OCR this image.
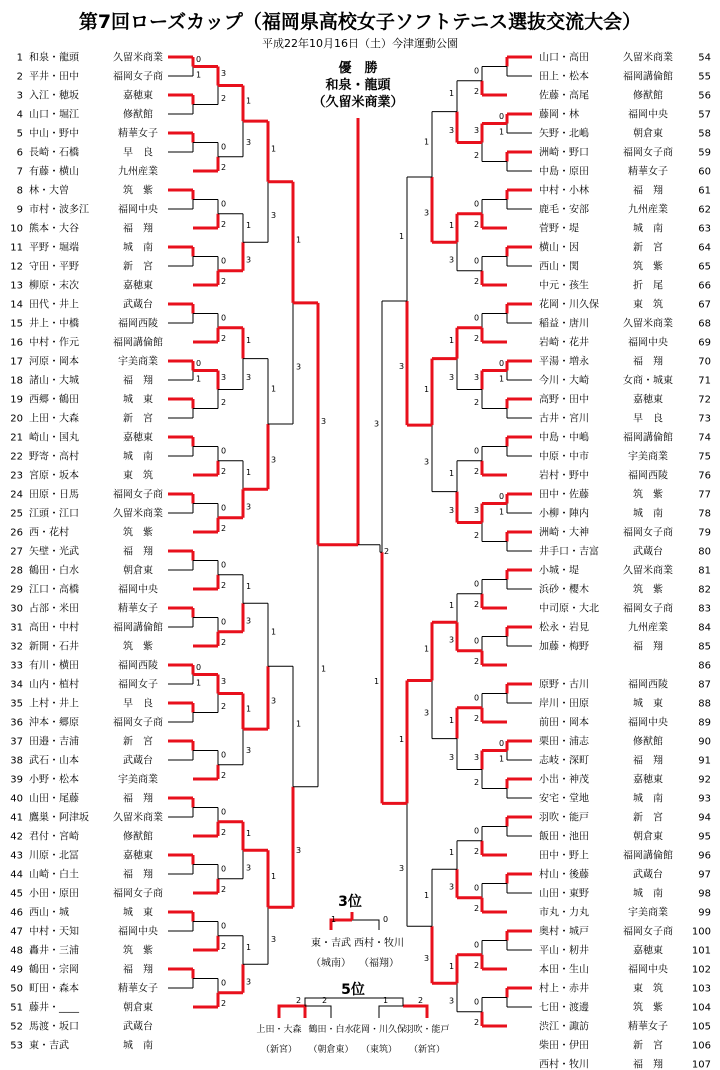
第7回ローズカップ（福岡県高校女子ソフトテニス選抜交流大会）
平成22年10月16日（土）今津運動公園
0
1 3
2
0
2
1
3
0
2
0
2
1
3
1
3
0
2
0
1 3
2
1
3
0
2
0
2
1
3
1
3
1
3
0
2
0
2
1
3
0
1 3
2
0
2
1
3
1
3
0
2
0
2
1
3
0
2
0
2
1
3
1
3
1
3
3
1
0
2
0
1
3
2
1
3
0
2
0
2
1
3
1
3
0
2
0
1
3
2
1
3
0
2
0
1
3
2
1
3
1
3
1
3
0
2
0
2
1
3
0
2
0
1
3
2
1
3
1
3
0
2
0
2
1
3
0
2
0
2
1
3
1
3
1
3
3
1
1 和泉・龍頭	久留米商業
2 平井・田中	福岡女子商
3 入江・穂坂	嘉穂東
4 山口・堀江	修猷館
5 中山・野中	精華女子
6 長崎・石橋	早　良
7 有藤・横山	九州産業
8 林・大曽	筑　紫
9 市村・波多江	福岡中央
10 熊本・大谷	福　翔
11 平野・堀端	城　南
12 守田・平野	新　宮
13 柳原・末次	嘉穂東
14 田代・井上	武蔵台
15 井上・中橋	福岡西陵
16 中村・作元	福岡講倫館
17 河原・岡本	宇美商業
18 諸山・大城	福　翔
19 西郷・鶴田	城　東
20 上田・大森	新　宮
21 崎山・国丸	嘉穂東
22 野寄・高村	城　南
23 宮原・坂本	東　筑
24 田原・日馬	福岡女子商
25 江頭・江口	久留米商業
26 西・花村	筑　紫
27 矢壁・光武	福　翔
28 鶴田・白水	朝倉東
29 江口・高橋	福岡中央
30 占部・米田	精華女子
31 高田・中村	福岡講倫館
32 新開・石井	筑　紫
33 有川・横田	福岡西陵
34 山内・植村	福岡女子
35 上村・井上	早　良
36 沖本・郷原	福岡女子商
37 田邉・吉浦	新　宮
38 武石・山本	武蔵台
39 小野・松本	宇美商業
40 山田・尾藤	福　翔
41 鷹巣・阿津坂 久留米商業
42 君付・宮崎	修猷館
43 川原・北冨	嘉穂東
44 山崎・白土	福　翔
45 小田・原田	福岡女子商
46 西山・城	城　東
47 中村・天知	福岡中央
48 轟井・三浦	筑　紫
49 鶴田・宗岡	福　翔
50 町田・森本	精華女子
51 藤井・____	朝倉東
52 馬渡・坂口	武蔵台
53 東・吉武	城　南
山口・高田	久留米商業	54
田上・松本	福岡講倫館	55
佐藤・高尾	修猷館	56
藤岡・林	福岡中央	57
矢野・北嶋	朝倉東	58
洲崎・野口	福岡女子商	59
中島・原田	精華女子	60
中村・小林	福　翔	61
鹿毛・安部	九州産業	62
菅野・堤	城　南	63
横山・因	新　宮	64
西山・関	筑　紫	65
中元・孩生	折　尾	66
花岡・川久保	東　筑	67
稲益・唐川	久留米商業	68
岩崎・花井	福岡中央	69
平湯・増永	福　翔	70
今川・大崎	女商・城東	71
高野・田中	嘉穂東	72
古井・宮川	早　良	73
中島・中嶋	福岡講倫館	74
中原・中市	宇美商業	75
岩村・野中	福岡西陵	76
田中・佐藤	筑　紫	77
小柳・陣内	城　南	78
洲崎・大神	福岡女子商	79
井手口・吉富	武蔵台	80
小城・堤	久留米商業	81
浜砂・櫻木	筑　紫	82
中司原・大北 福岡女子商	83
松永・岩見	九州産業	84
加藤・梅野	福　翔	85
86
原野・古川	福岡西陵	87
岸川・田原	城　東	88
前田・岡本	福岡中央	89
栗田・浦志	修猷館	90
志岐・深町	福　翔	91
小出・神茂	嘉穂東	92
安宅・堂地	城　南	93
羽吹・能戸	新　宮	94
飯田・池田	朝倉東	95
田中・野上	福岡講倫館	96
村山・後藤	武蔵台	97
山田・東野	城　南	98
市丸・力丸	宇美商業	99
奥村・城戸	福岡女子商 100
平山・籾井	嘉穂東	101
本田・生山	福岡中央 102
村上・赤井	東　筑	103
七田・渡邊	筑　紫	104
渋江・諏訪	精華女子 105
柴田・伊田	新　宮	106
西村・牧川	福　翔	107
優　勝
和泉・龍頭
（久留米商業）
2
3位
1	0
東・吉武
（城南）
西村・牧川
（福翔）
5位
上田・大森
（新宮）
鶴田・白水
（朝倉東）
花岡・川久保
（東筑）
羽吹・能戸
（新宮）
2	2	1	2
